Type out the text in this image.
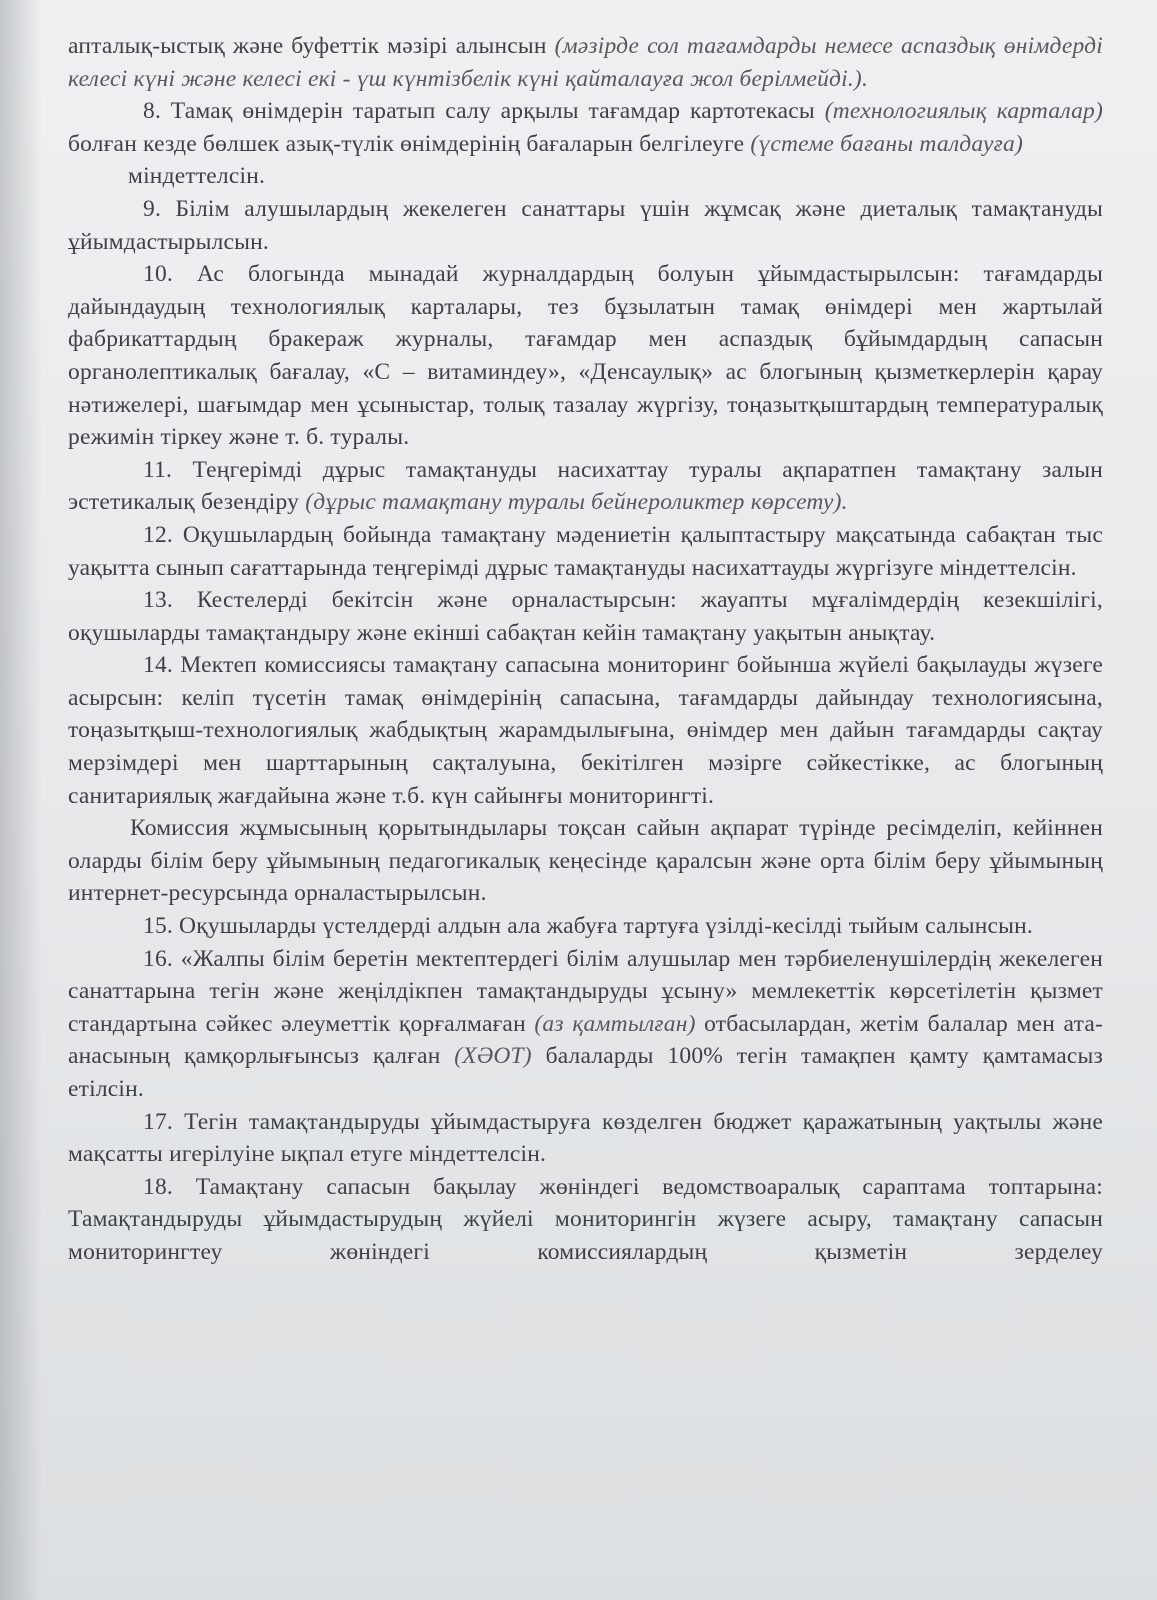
апталық-ыстық және буфеттік мәзірі алынсын (мәзірде сол тағамдарды немесе аспаздық өнімдерді келесі күні және келесі екі - үш күнтізбелік күні қайталауға жол берілмейді.).

8. Тамақ өнімдерін таратып салу арқылы тағамдар картотекасы (технологиялық карталар) болған кезде бөлшек азық-түлік өнімдерінің бағаларын белгілеуге (үстеме бағаны талдауға)

міндеттелсін.

9. Білім алушылардың жекелеген санаттары үшін жұмсақ және диеталық тамақтануды ұйымдастырылсын.

10. Ас блогында мынадай журналдардың болуын ұйымдастырылсын: тағамдарды дайындаудың технологиялық карталары, тез бұзылатын тамақ өнімдері мен жартылай фабрикаттардың бракераж журналы, тағамдар мен аспаздық бұйымдардың сапасын органолептикалық бағалау, «С – витаминдеу», «Денсаулық» ас блогының қызметкерлерін қарау нәтижелері, шағымдар мен ұсыныстар, толық тазалау жүргізу, тоңазытқыштардың температуралық режимін тіркеу және т. б. туралы.

11. Теңгерімді дұрыс тамақтануды насихаттау туралы ақпаратпен тамақтану залын эстетикалық безендіру (дұрыс тамақтану туралы бейнероликтер көрсету).

12. Оқушылардың бойында тамақтану мәдениетін қалыптастыру мақсатында сабақтан тыс уақытта сынып сағаттарында теңгерімді дұрыс тамақтануды насихаттауды жүргізуге міндеттелсін.

13. Кестелерді бекітсін және орналастырсын: жауапты мұғалімдердің кезекшілігі, оқушыларды тамақтандыру және екінші сабақтан кейін тамақтану уақытын анықтау.

14. Мектеп комиссиясы тамақтану сапасына мониторинг бойынша жүйелі бақылауды жүзеге асырсын: келіп түсетін тамақ өнімдерінің сапасына, тағамдарды дайындау технологиясына, тоңазытқыш-технологиялық жабдықтың жарамдылығына, өнімдер мен дайын тағамдарды сақтау мерзімдері мен шарттарының сақталуына, бекітілген мәзірге сәйкестікке, ас блогының санитариялық жағдайына және т.б. күн сайынғы мониторингті.

Комиссия жұмысының қорытындылары тоқсан сайын ақпарат түрінде ресімделіп, кейіннен оларды білім беру ұйымының педагогикалық кеңесінде қаралсын және орта білім беру ұйымының интернет-ресурсында орналастырылсын.

15. Оқушыларды үстелдерді алдын ала жабуға тартуға үзілді-кесілді тыйым салынсын.

16. «Жалпы білім беретін мектептердегі білім алушылар мен тәрбиеленушілердің жекелеген санаттарына тегін және жеңілдікпен тамақтандыруды ұсыну» мемлекеттік көрсетілетін қызмет стандартына сәйкес әлеуметтік қорғалмаған (аз қамтылған) отбасылардан, жетім балалар мен ата-анасының қамқорлығынсыз қалған (ХӘОТ) балаларды 100% тегін тамақпен қамту қамтамасыз етілсін.

17. Тегін тамақтандыруды ұйымдастыруға көзделген бюджет қаражатының уақтылы және мақсатты игерілуіне ықпал етуге міндеттелсін.

18. Тамақтану сапасын бақылау жөніндегі ведомствоаралық сараптама топтарына: Тамақтандыруды ұйымдастырудың жүйелі мониторингін жүзеге асыру, тамақтану сапасын мониторингтеу жөніндегі комиссиялардың қызметін зерделеу
